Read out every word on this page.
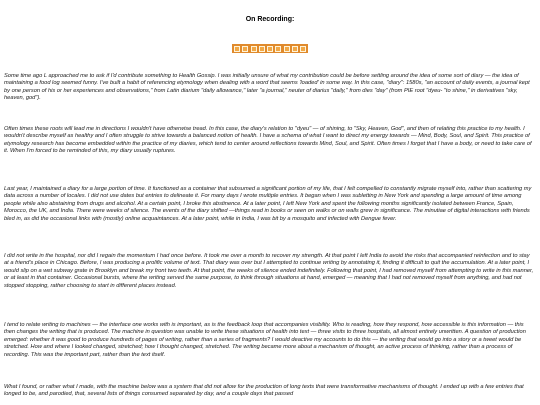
On Recording:

Some time ago L approached me to ask if I'd contribute something to Health Gossip. I was initially unsure of what my contribution could be before settling around the idea of some sort of diary — the idea of maintaining a food log seemed funny. I've built a habit of referencing etymology when dealing with a word that seems 'loaded' in some way. In this case, "diary": 1580s, "an account of daily events, a journal kept by one person of his or her experiences and observations," from Latin diarium "daily allowance," later "a journal," neuter of diarius "daily," from dies "day" (from PIE root "dyeu- "to shine," in derivatives "sky, heaven, god").

Often times these roots will lead me in directions I wouldn't have otherwise tread. In this case, the diary's relation to "dyeu" — of shining, to "Sky, Heaven, God", and then of relating this practice to my health. I wouldn't describe myself as healthy and I often struggle to strive towards a balanced notion of health. I have a schema of what I want to direct my energy towards — Mind, Body, Soul, and Spirit. This practice of etymology research has become embedded within the practice of my diaries, which tend to center around reflections towards Mind, Soul, and Spirit. Often times I forget that I have a body, or need to take care of it. When I'm forced to be reminded of this, my diary usually ruptures.

Last year, I maintained a diary for a large portion of time. It functioned as a container that subsumed a significant portion of my life, that I felt compelled to constantly migrate myself into, rather than scattering my data across a number of locales. I did not use dates but entries to delineate it. For many days I wrote multiple entries. It began when I was subletting in New York and spending a large amount of time among people while also abstaining from drugs and alcohol. At a certain point, I broke this abstinence. At a later point, I left New York and spent the following months significantly isolated between France, Spain, Morocco, the UK, and India. There were weeks of silence. The events of the diary shifted —things read in books or seen on walks or on walls grew in significance. The minutiae of digital interactions with friends bled in, as did the occasional links with (mostly) online acquaintances. At a later point, while in India, I was bit by a mosquito and infected with Dengue fever.

I did not write in the hospital, nor did I regain the momentum I had once before. It took me over a month to recover my strength. At that point I left India to avoid the risks that accompanied reinfection and to stay at a friend's place in Chicago. Before, I was producing a prolific volume of text. That diary was over but I attempted to continue writing by annotating it, finding it difficult to quit the accumulation. At a later point, I would slip on a wet subway grate in Brooklyn and break my front two teeth. At that point, the weeks of silence ended indefinitely. Following that point, I had removed myself from attempting to write in this manner, or at least in that container. Occasional bursts, where the writing served the same purpose, to think through situations at hand, emerged — meaning that I had not removed myself from anything, and had not stopped stopping, rather choosing to start in different places instead.

I tend to relate writing to machines — the interface one works with is important, as is the feedback loop that accompanies visibility. Who is reading, how they respond, how accessible is this information — this then changes the writing that is produced. The machine in question was unable to write these situations of health into text — three visits to three hospitals, all almost entirely unwritten. A question of production emerged: whether it was good to produce hundreds of pages of writing, rather than a series of fragments? I would deactive my accounts to do this — the writing that would go into a story or a tweet would be stretched. How and where I looked changed, stretched; how I thought changed, stretched. The writing became more about a mechanism of thought, an active process of thinking, rather than a process of recording. This was the important part, rather than the text itself.

What I found, or rather what I made, with the machine below was a system that did not allow for the production of long texts that were transformative mechanisms of thought. I ended up with a few entries that longed to be, and parodied, that, several lists of things consumed separated by day, and a couple days that passed
